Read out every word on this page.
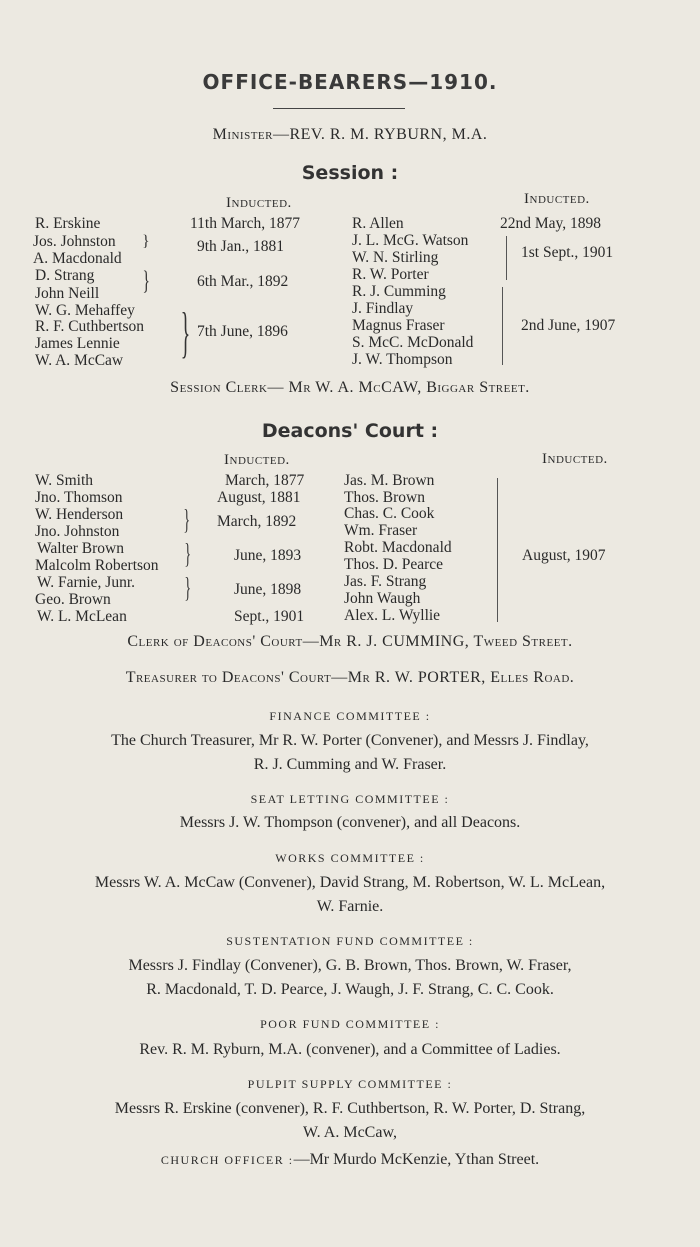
OFFICE-BEARERS—1910.
Minister—REV. R. M. RYBURN, M.A.
Session :
Inducted.	Inducted.
R. Erskine
Jos. Johnston
A. Macdonald
D. Strang
John Neill
W. G. Mehaffey
R. F. Cuthbertson
James Lennie
W. A. McCaw
}
}
}
11th March, 1877
9th Jan., 1881
6th Mar., 1892
7th June, 1896
R. Allen
J. L. McG. Watson
W. N. Stirling
R. W. Porter
R. J. Cumming
J. Findlay
Magnus Fraser
S. McC. McDonald
J. W. Thompson
22nd May, 1898
1st Sept., 1901
2nd June, 1907
Session Clerk— Mr W. A. McCAW, Biggar Street.
Deacons' Court :
Inducted.	Inducted.
W. Smith
Jno. Thomson
W. Henderson
Jno. Johnston
Walter Brown
Malcolm Robertson
W. Farnie, Junr.
Geo. Brown
W. L. McLean
}
}
}
March, 1877
August, 1881
March, 1892
June, 1893
June, 1898
Sept., 1901
Jas. M. Brown
Thos. Brown
Chas. C. Cook
Wm. Fraser
Robt. Macdonald
Thos. D. Pearce
Jas. F. Strang
John Waugh
Alex. L. Wyllie
August, 1907
Clerk of Deacons' Court—Mr R. J. CUMMING, Tweed Street.
Treasurer to Deacons' Court—Mr R. W. PORTER, Elles Road.
FINANCE COMMITTEE :
The Church Treasurer, Mr R. W. Porter (Convener), and Messrs J. Findlay,
R. J. Cumming and W. Fraser.
SEAT LETTING COMMITTEE :
Messrs J. W. Thompson (convener), and all Deacons.
WORKS COMMITTEE :
Messrs W. A. McCaw (Convener), David Strang, M. Robertson, W. L. McLean,
W. Farnie.
SUSTENTATION FUND COMMITTEE :
Messrs J. Findlay (Convener), G. B. Brown, Thos. Brown, W. Fraser,
R. Macdonald, T. D. Pearce, J. Waugh, J. F. Strang, C. C. Cook.
POOR FUND COMMITTEE :
Rev. R. M. Ryburn, M.A. (convener), and a Committee of Ladies.
PULPIT SUPPLY COMMITTEE :
Messrs R. Erskine (convener), R. F. Cuthbertson, R. W. Porter, D. Strang,
W. A. McCaw,
CHURCH OFFICER :—Mr Murdo McKenzie, Ythan Street.
